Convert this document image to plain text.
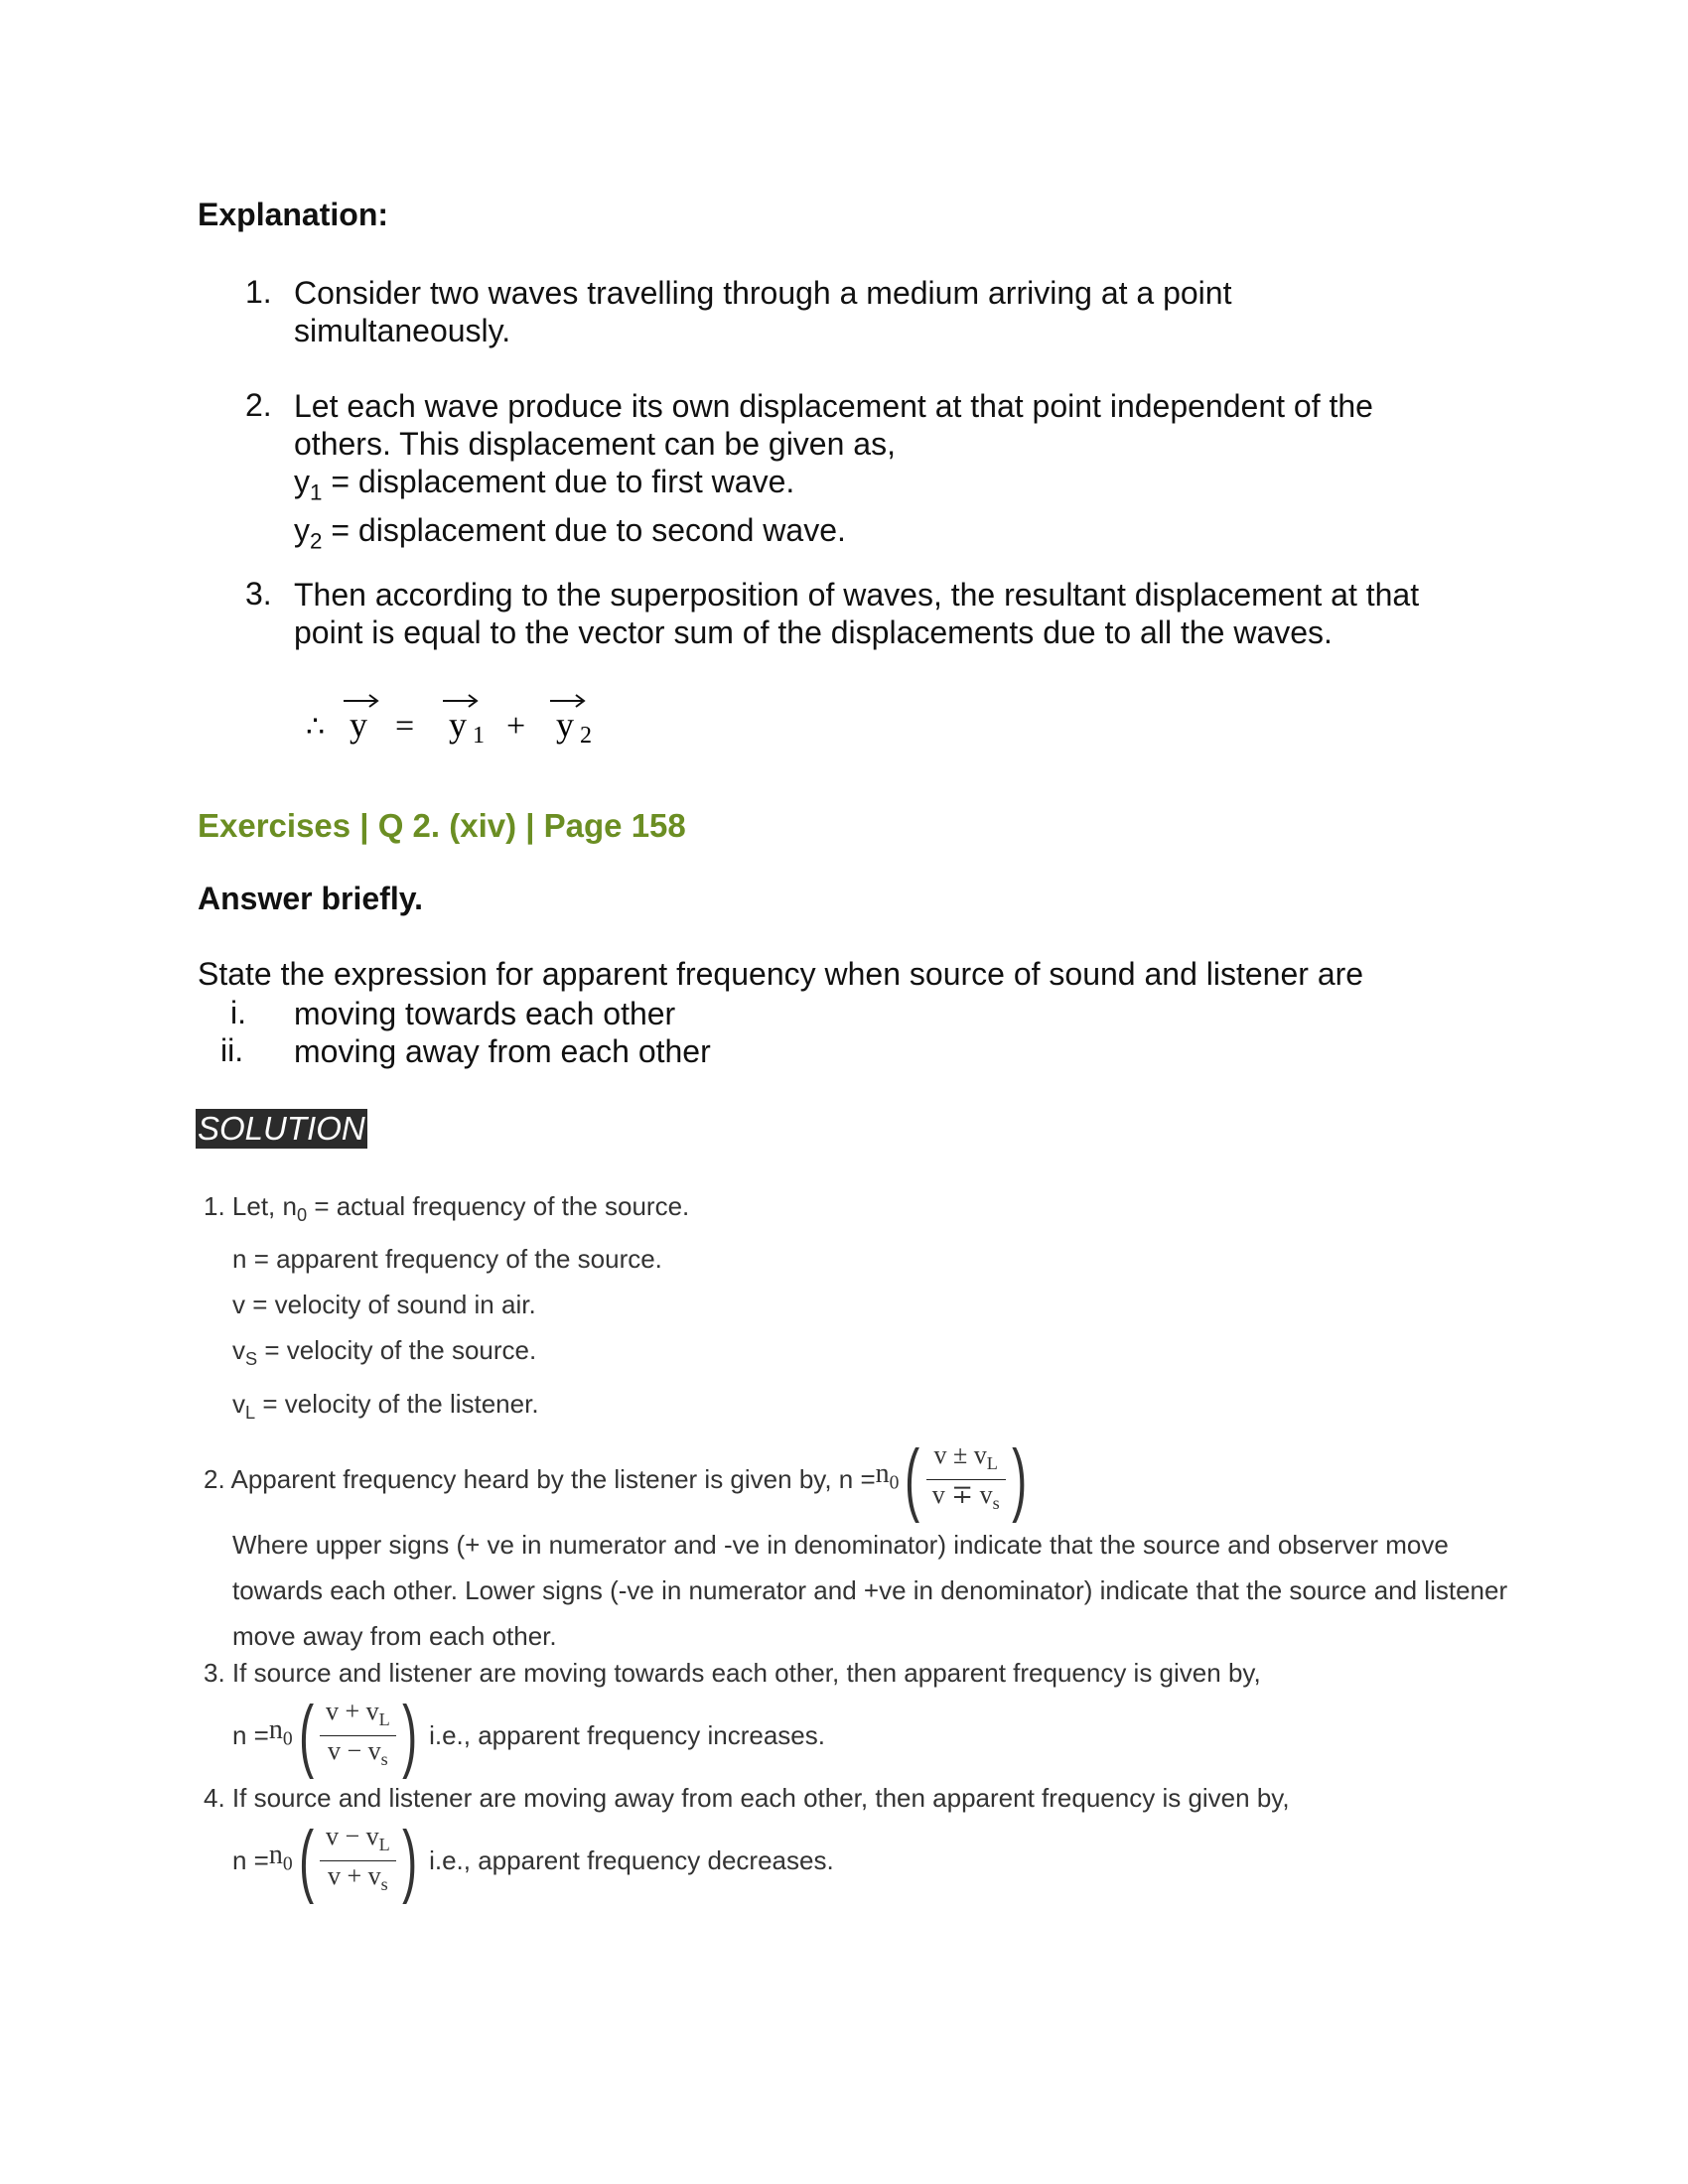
Explanation:
1. Consider two waves travelling through a medium arriving at a point
simultaneously.
2. Let each wave produce its own displacement at that point independent of the
others. This displacement can be given as,
$y_1$ = displacement due to first wave.
$y_2$ = displacement due to second wave.
3. Then according to the superposition of waves, the resultant displacement at that
point is equal to the vector sum of the displacements due to all the waves.
∴ y = y 1 + y 2
Exercises | Q 2. (xiv) | Page 158
Answer briefly.
State the expression for apparent frequency when source of sound and listener are
i. moving towards each other
ii. moving away from each other
SOLUTION
1. Let, $n_0$ = actual frequency of the source.
n = apparent frequency of the source.
v = velocity of sound in air.
$v_S$ = velocity of the source.
$v_L$ = velocity of the listener.
2. Apparent frequency heard by the listener is given by, $n = n_0$ ( $\frac{v \pm v_L}{v \mp v_s}$ )
Where upper signs (+ ve in numerator and -ve in denominator) indicate that the source and observer move
towards each other. Lower signs (-ve in numerator and +ve in denominator) indicate that the source and listener
move away from each other.
3. If source and listener are moving towards each other, then apparent frequency is given by,
$n = n_0$ ( $\frac{v + v_L}{v - v_s}$ ) i.e., apparent frequency increases.
4. If source and listener are moving away from each other, then apparent frequency is given by,
$n = n_0$ ( $\frac{v - v_L}{v + v_s}$ ) i.e., apparent frequency decreases.
